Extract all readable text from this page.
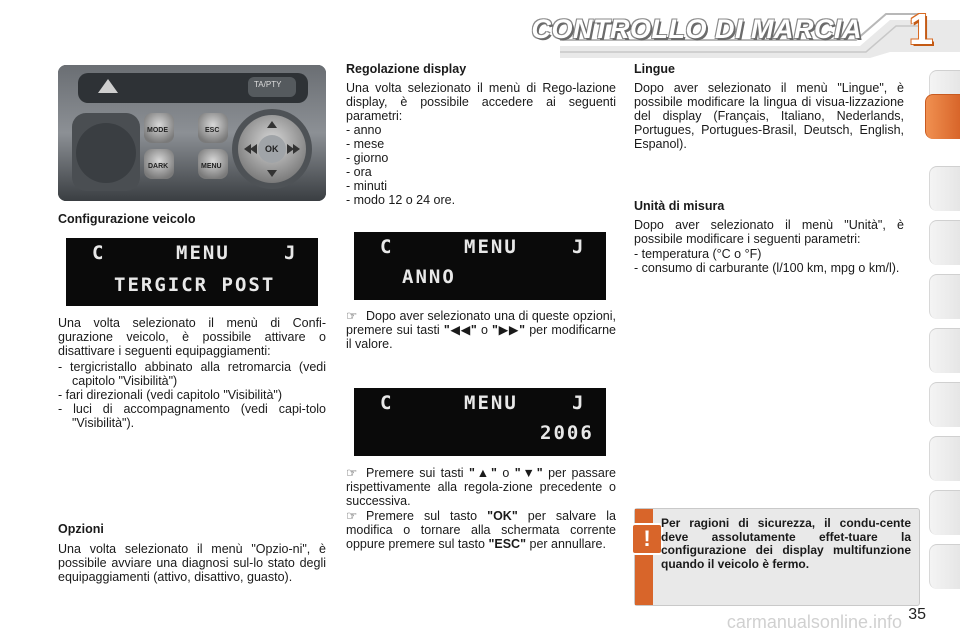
CONTROLLO DI MARCIA 1
TA/PTY
MODE
DARK
ESC
MENU
OK

Configurazione veicolo

C	MENU	J
TERGICR POST

Una volta selezionato il menù di Confi-gurazione veicolo, è possibile attivare o disattivare i seguenti equipaggiamenti:

- tergicristallo abbinato alla retromarcia (vedi capitolo "Visibilità")
- fari direzionali (vedi capitolo "Visibilità")
- luci di accompagnamento (vedi capi-tolo "Visibilità").

Opzioni

Una volta selezionato il menù "Opzio-ni", è possibile avviare una diagnosi sul-lo stato degli equipaggiamenti (attivo, disattivo, guasto).

Regolazione display

Una volta selezionato il menù di Rego-lazione display, è possibile accedere ai seguenti parametri:

- anno
- mese
- giorno
- ora
- minuti
- modo 12 o 24 ore.
C	MENU	J
ANNO
☞ Dopo aver selezionato una di queste opzioni, premere sui tasti "◀◀" o "▶▶" per modificarne il valore.
C	MENU	J
2006
☞ Premere sui tasti "▲" o "▼" per passare rispettivamente alla regola-zione precedente o successiva.
☞ Premere sul tasto "OK" per salvare la modifica o tornare alla schermata corrente oppure premere sul tasto "ESC" per annullare.

Lingue

Dopo aver selezionato il menù "Lingue", è possibile modificare la lingua di visua-lizzazione del display (Français, Italiano, Nederlands, Portugues, Portugues-Brasil, Deutsch, English, Espanol).

Unità di misura

Dopo aver selezionato il menù "Unità", è possibile modificare i seguenti parametri:

- temperatura (°C o °F)
- consumo di carburante (l/100 km, mpg o km/l).
!
Per ragioni di sicurezza, il condu-cente deve assolutamente effet-tuare la configurazione dei display multifunzione quando il veicolo è fermo.
carmanualsonline.info 35
